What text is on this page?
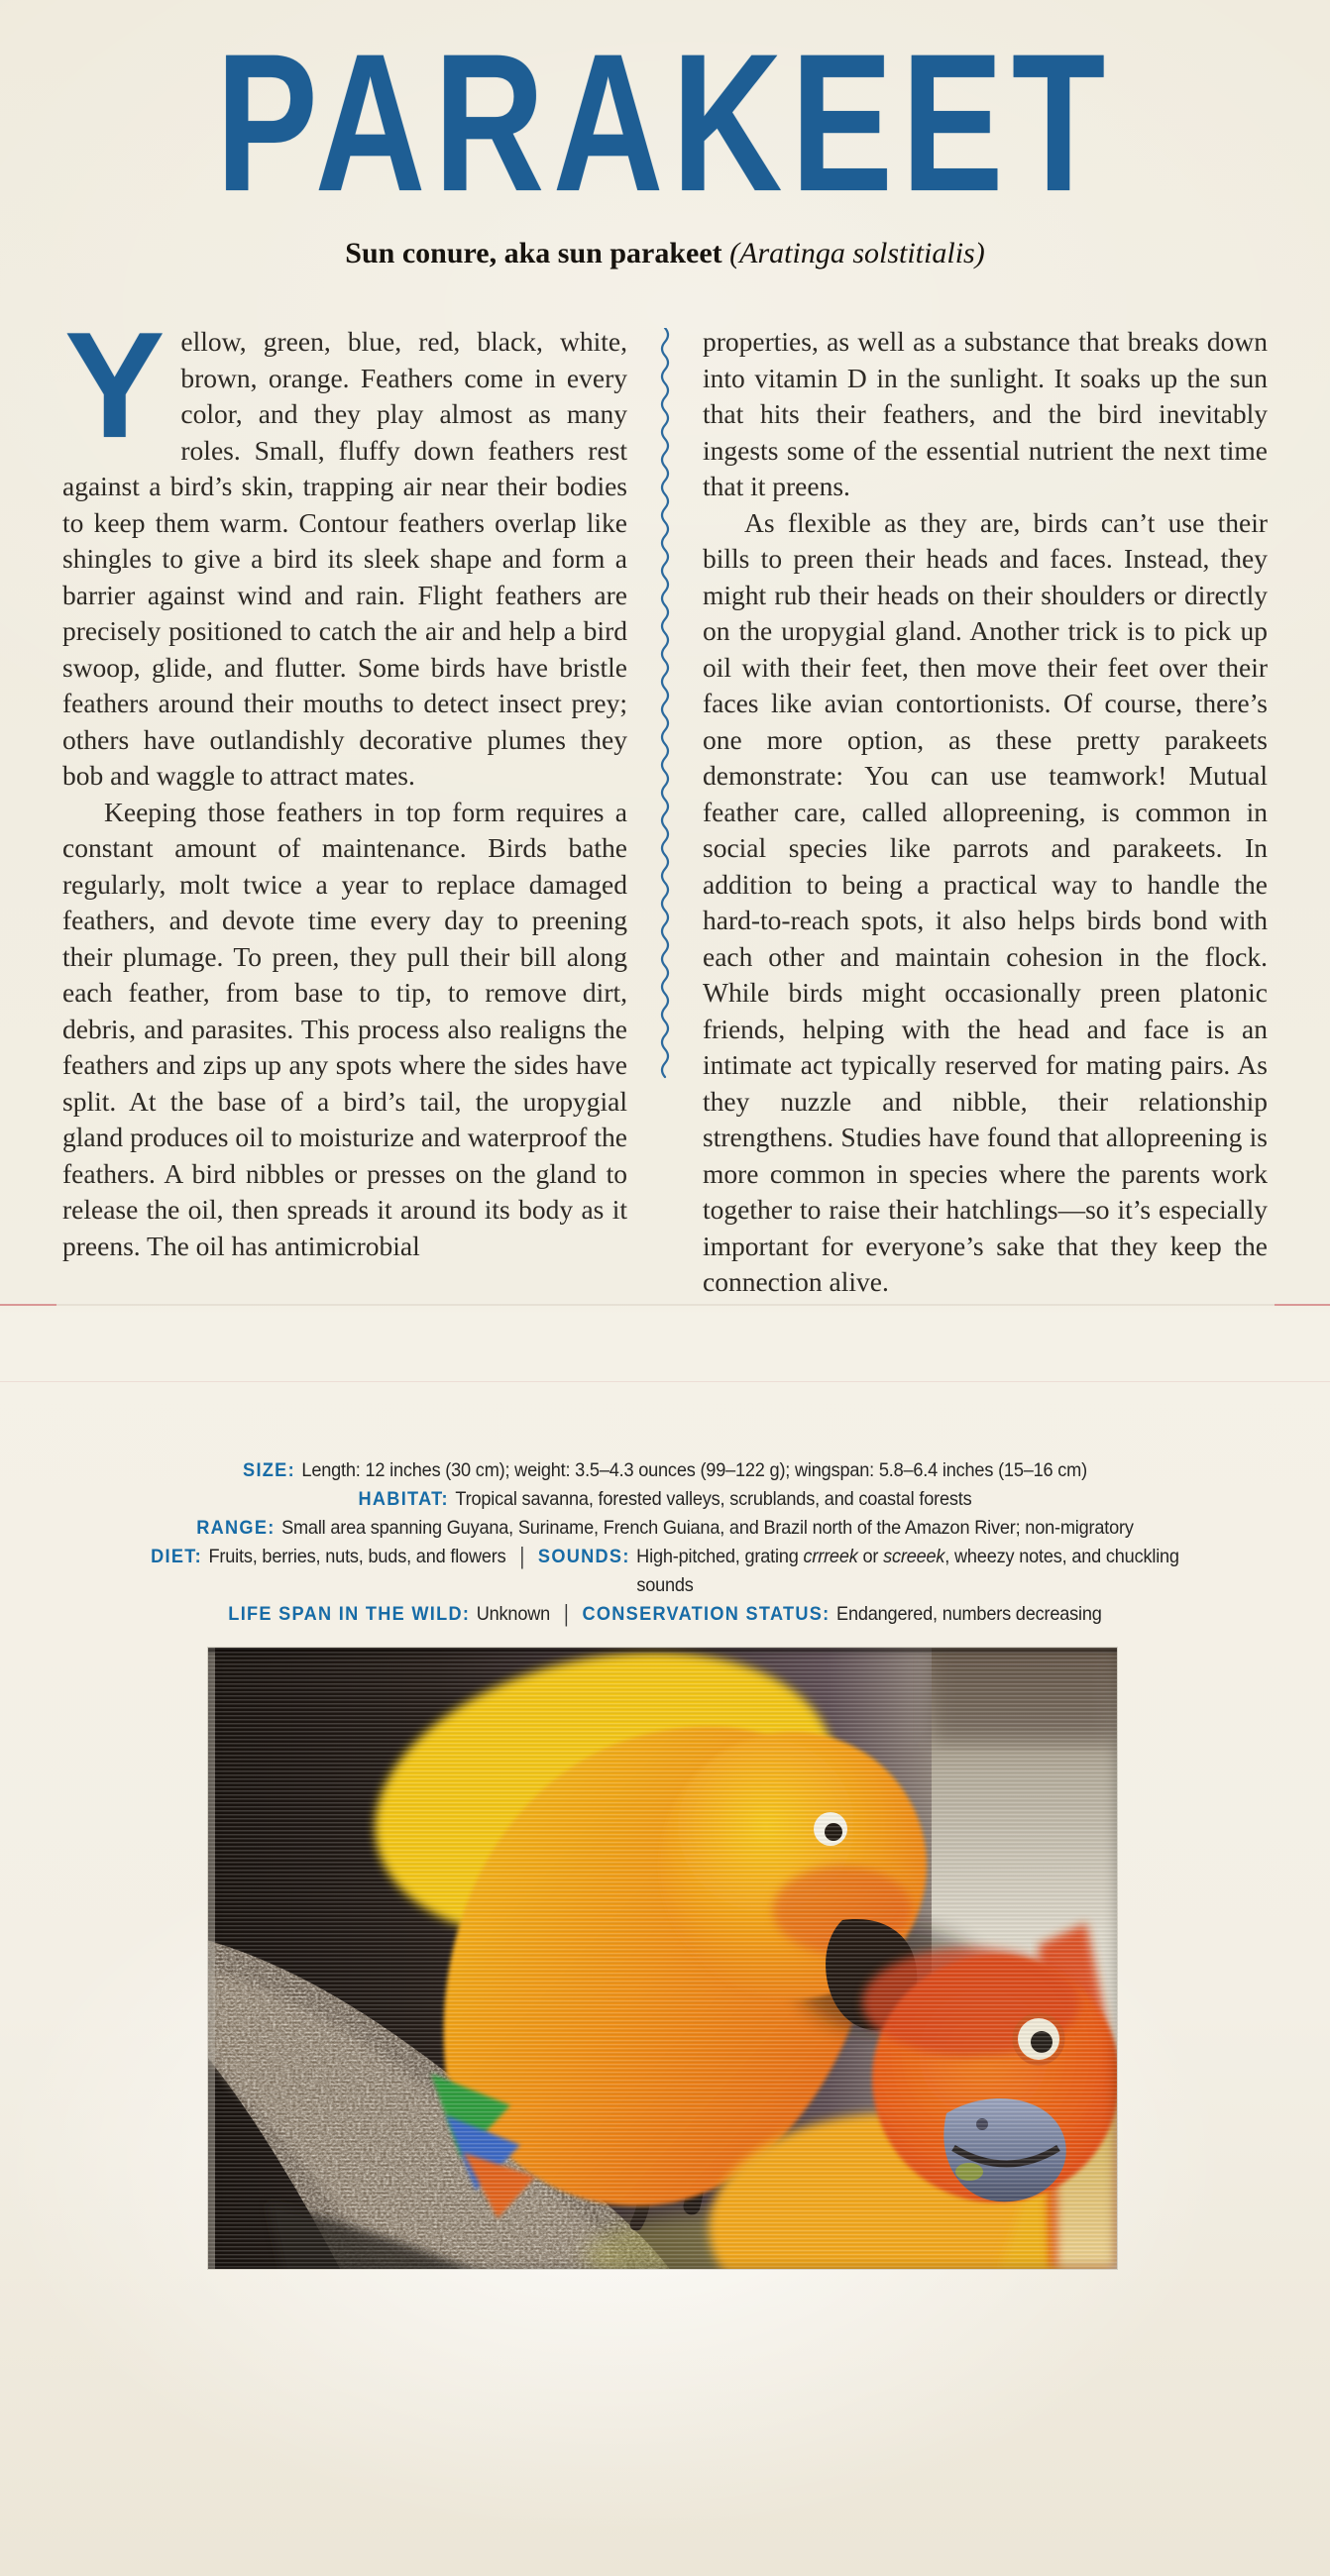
PARAKEET
Sun conure, aka sun parakeet (Aratinga solstitialis)

Yellow, green, blue, red, black, white, brown, orange. Feathers come in every color, and they play almost as many roles. Small, fluffy down feathers rest against a bird’s skin, trapping air near their bodies to keep them warm. Contour feathers overlap like shingles to give a bird its sleek shape and form a barrier against wind and rain. Flight feathers are precisely positioned to catch the air and help a bird swoop, glide, and flutter. Some birds have bristle feathers around their mouths to detect insect prey; others have outlandishly decorative plumes they bob and waggle to attract mates.

Keeping those feathers in top form requires a constant amount of maintenance. Birds bathe regularly, molt twice a year to replace damaged feathers, and devote time every day to preening their plumage. To preen, they pull their bill along each feather, from base to tip, to remove dirt, debris, and parasites. This process also realigns the feathers and zips up any spots where the sides have split. At the base of a bird’s tail, the uropygial gland produces oil to moisturize and waterproof the feathers. A bird nibbles or presses on the gland to release the oil, then spreads it around its body as it preens. The oil has antimicrobial

properties, as well as a substance that breaks down into vitamin D in the sunlight. It soaks up the sun that hits their feathers, and the bird inevitably ingests some of the essential nutrient the next time that it preens.

As flexible as they are, birds can’t use their bills to preen their heads and faces. Instead, they might rub their heads on their shoulders or directly on the uropygial gland. Another trick is to pick up oil with their feet, then move their feet over their faces like avian contortionists. Of course, there’s one more option, as these pretty parakeets demonstrate: You can use teamwork! Mutual feather care, called allopreening, is common in social species like parrots and parakeets. In addition to being a practical way to handle the hard-to-reach spots, it also helps birds bond with each other and maintain cohesion in the flock. While birds might occasionally preen platonic friends, helping with the head and face is an intimate act typically reserved for mating pairs. As they nuzzle and nibble, their relationship strengthens. Studies have found that allopreening is more common in species where the parents work together to raise their hatchlings—so it’s especially important for everyone’s sake that they keep the connection alive.

SIZE: Length: 12 inches (30 cm); weight: 3.5–4.3 ounces (99–122 g); wingspan: 5.8–6.4 inches (15–16 cm)
HABITAT: Tropical savanna, forested valleys, scrublands, and coastal forests
RANGE: Small area spanning Guyana, Suriname, French Guiana, and Brazil north of the Amazon River; non-migratory
DIET: Fruits, berries, nuts, buds, and flowers | SOUNDS: High-pitched, grating crrreek or screeek, wheezy notes, and chuckling sounds
LIFE SPAN IN THE WILD: Unknown | CONSERVATION STATUS: Endangered, numbers decreasing
